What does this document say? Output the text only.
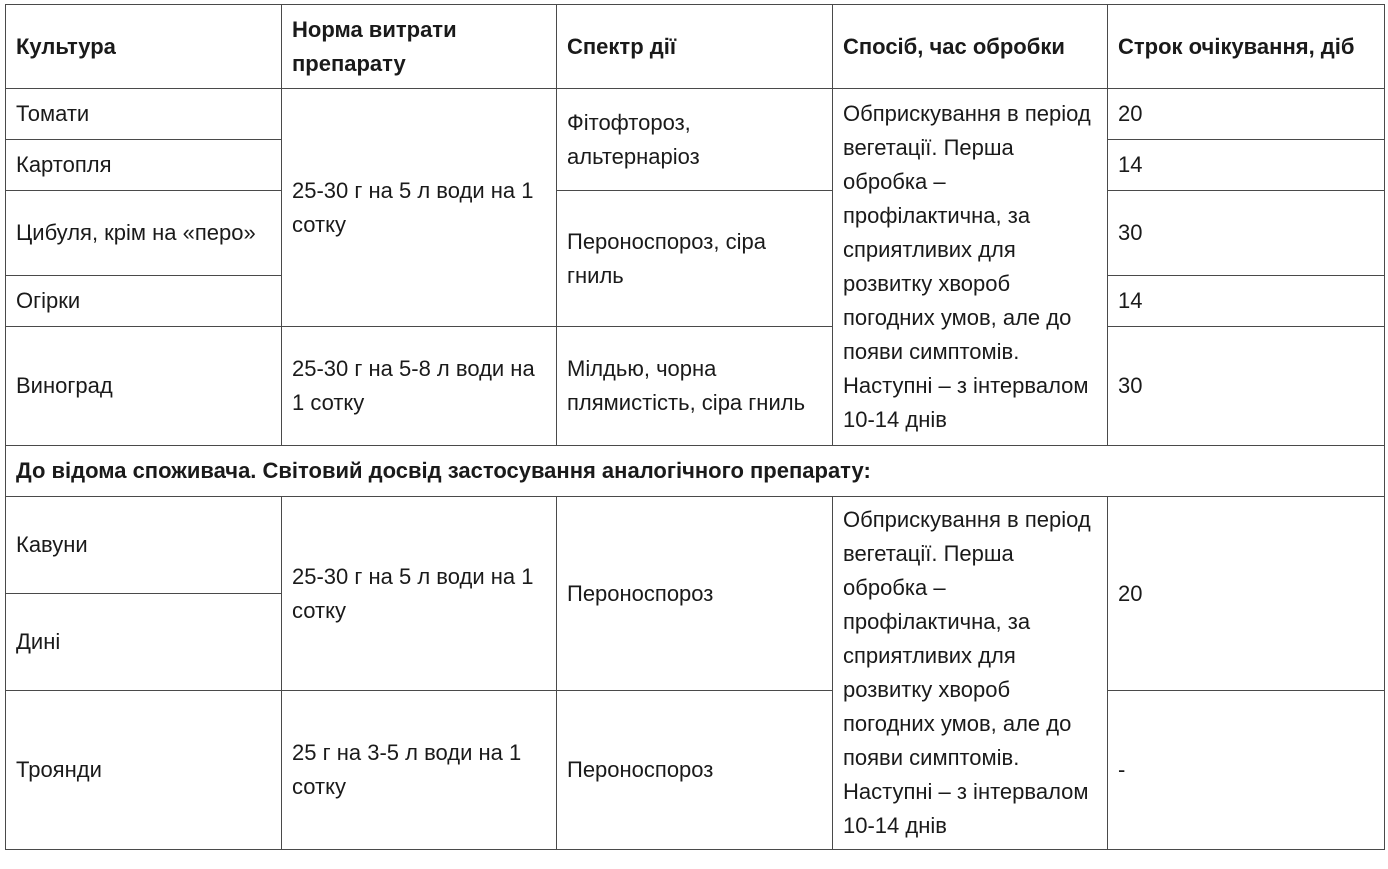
Культура	Норма витрати препарату	Спектр дії	Спосіб, час обробки	Строк очікування, діб
Томати	25-30 г на 5 л води на 1 сотку	Фітофтороз, альтернаріоз	Обприскування в період вегетації. Перша обробка – профілактична, за сприятливих для розвитку хвороб погодних умов, але до появи симптомів. Наступні – з інтервалом 10-14 днів	20
Картопля				14
Цибуля, крім на «перо»		Пероноспороз, сіра гниль		30
Огірки				14
Виноград	25-30 г на 5-8 л води на 1 сотку	Мілдью, чорна плямистість, сіра гниль		30
До відома споживача. Світовий досвід застосування аналогічного препарату:				
Кавуни	25-30 г на 5 л води на 1 сотку	Пероноспороз	Обприскування в період вегетації. Перша обробка – профілактична, за сприятливих для розвитку хвороб погодних умов, але до появи симптомів. Наступні – з інтервалом 10-14 днів	20
Дині				
Троянди	25 г на 3-5 л води на 1 сотку	Пероноспороз		-
